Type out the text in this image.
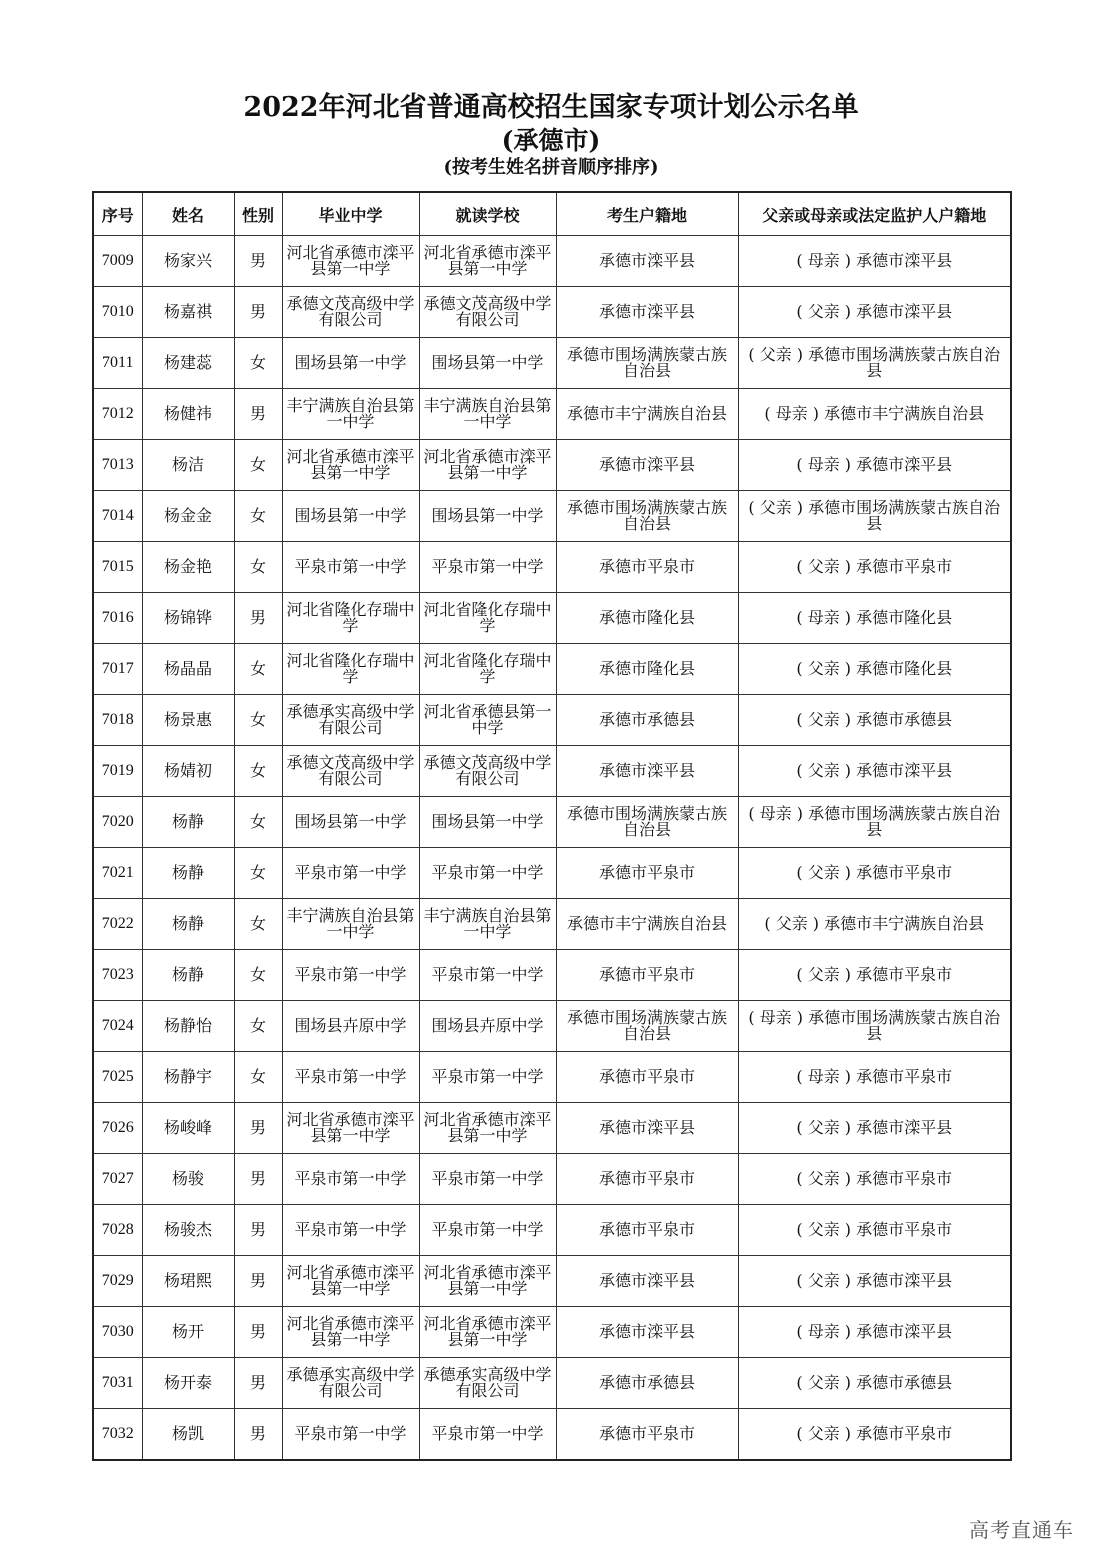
2022年河北省普通高校招生国家专项计划公示名单
(承德市)
(按考生姓名拼音顺序排序)
序号	姓名	性别	毕业中学	就读学校	考生户籍地	父亲或母亲或法定监护人户籍地
7009	杨家兴	男	河北省承德市滦平县第一中学	河北省承德市滦平县第一中学	承德市滦平县	( 母亲 ) 承德市滦平县
7010	杨嘉祺	男	承德文茂高级中学有限公司	承德文茂高级中学有限公司	承德市滦平县	( 父亲 ) 承德市滦平县
7011	杨建蕊	女	围场县第一中学	围场县第一中学	承德市围场满族蒙古族自治县	( 父亲 ) 承德市围场满族蒙古族自治县
7012	杨健祎	男	丰宁满族自治县第一中学	丰宁满族自治县第一中学	承德市丰宁满族自治县	( 母亲 ) 承德市丰宁满族自治县
7013	杨洁	女	河北省承德市滦平县第一中学	河北省承德市滦平县第一中学	承德市滦平县	( 母亲 ) 承德市滦平县
7014	杨金金	女	围场县第一中学	围场县第一中学	承德市围场满族蒙古族自治县	( 父亲 ) 承德市围场满族蒙古族自治县
7015	杨金艳	女	平泉市第一中学	平泉市第一中学	承德市平泉市	( 父亲 ) 承德市平泉市
7016	杨锦铧	男	河北省隆化存瑞中学	河北省隆化存瑞中学	承德市隆化县	( 母亲 ) 承德市隆化县
7017	杨晶晶	女	河北省隆化存瑞中学	河北省隆化存瑞中学	承德市隆化县	( 父亲 ) 承德市隆化县
7018	杨景惠	女	承德承实高级中学有限公司	河北省承德县第一中学	承德市承德县	( 父亲 ) 承德市承德县
7019	杨婧初	女	承德文茂高级中学有限公司	承德文茂高级中学有限公司	承德市滦平县	( 父亲 ) 承德市滦平县
7020	杨静	女	围场县第一中学	围场县第一中学	承德市围场满族蒙古族自治县	( 母亲 ) 承德市围场满族蒙古族自治县
7021	杨静	女	平泉市第一中学	平泉市第一中学	承德市平泉市	( 父亲 ) 承德市平泉市
7022	杨静	女	丰宁满族自治县第一中学	丰宁满族自治县第一中学	承德市丰宁满族自治县	( 父亲 ) 承德市丰宁满族自治县
7023	杨静	女	平泉市第一中学	平泉市第一中学	承德市平泉市	( 父亲 ) 承德市平泉市
7024	杨静怡	女	围场县卉原中学	围场县卉原中学	承德市围场满族蒙古族自治县	( 母亲 ) 承德市围场满族蒙古族自治县
7025	杨静宇	女	平泉市第一中学	平泉市第一中学	承德市平泉市	( 母亲 ) 承德市平泉市
7026	杨峻峰	男	河北省承德市滦平县第一中学	河北省承德市滦平县第一中学	承德市滦平县	( 父亲 ) 承德市滦平县
7027	杨骏	男	平泉市第一中学	平泉市第一中学	承德市平泉市	( 父亲 ) 承德市平泉市
7028	杨骏杰	男	平泉市第一中学	平泉市第一中学	承德市平泉市	( 父亲 ) 承德市平泉市
7029	杨珺熙	男	河北省承德市滦平县第一中学	河北省承德市滦平县第一中学	承德市滦平县	( 父亲 ) 承德市滦平县
7030	杨开	男	河北省承德市滦平县第一中学	河北省承德市滦平县第一中学	承德市滦平县	( 母亲 ) 承德市滦平县
7031	杨开泰	男	承德承实高级中学有限公司	承德承实高级中学有限公司	承德市承德县	( 父亲 ) 承德市承德县
7032	杨凯	男	平泉市第一中学	平泉市第一中学	承德市平泉市	( 父亲 ) 承德市平泉市
高考直通车
